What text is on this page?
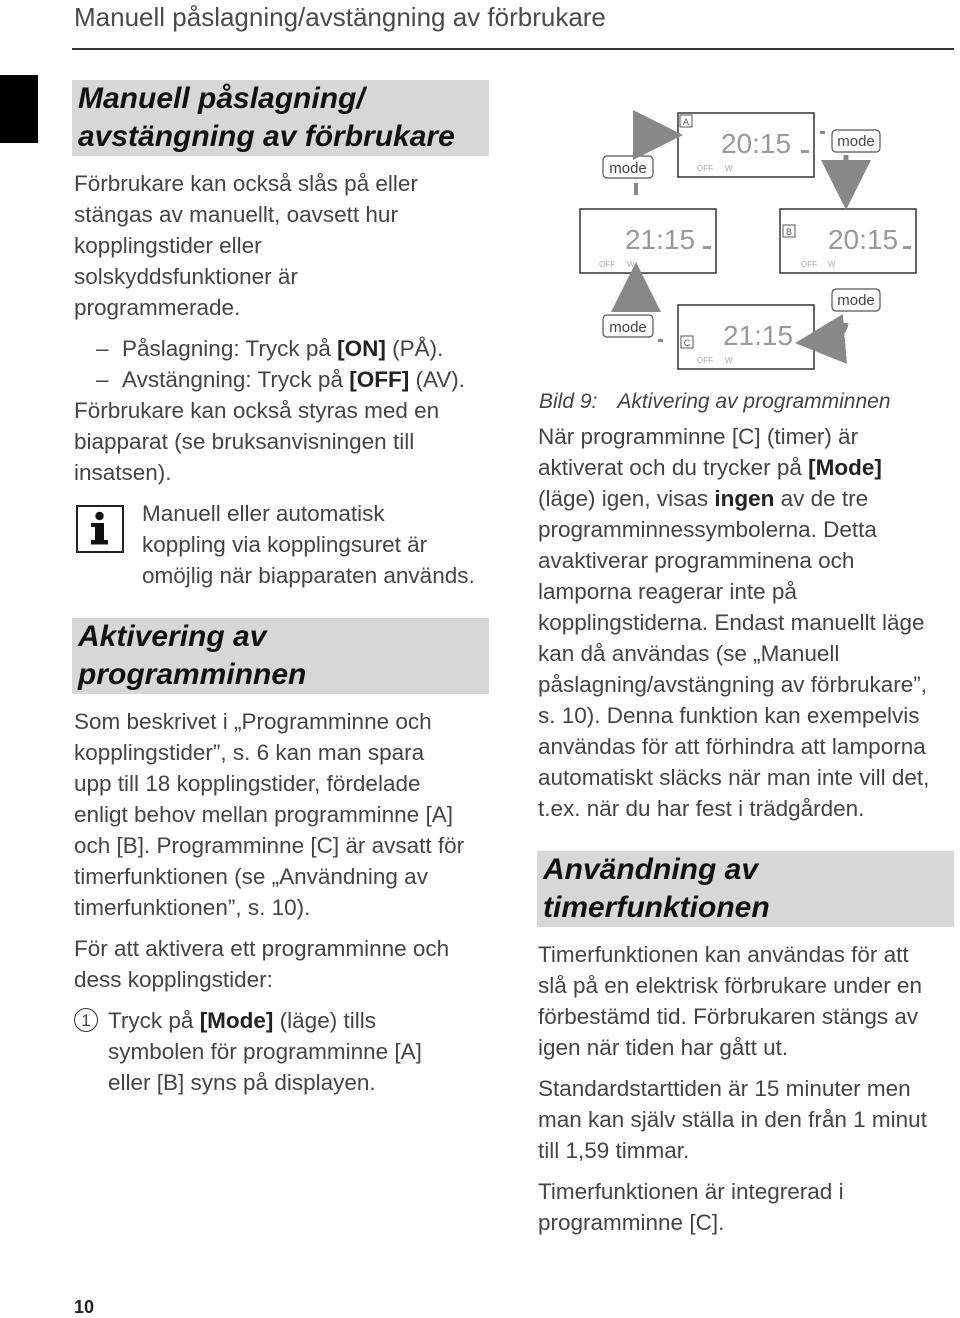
Manuell påslagning/avstängning av förbrukare
Manuell påslagning/
avstängning av förbrukare
Förbrukare kan också slås på eller
stängas av manuellt, oavsett hur
kopplingstider eller
solskyddsfunktioner är
programmerade.
– Påslagning: Tryck på [ON] (PÅ).
– Avstängning: Tryck på [OFF] (AV).
Förbrukare kan också styras med en
biapparat (se bruksanvisningen till
insatsen).
Manuell eller automatisk
koppling via kopplingsuret är
omöjlig när biapparaten används.
Aktivering av
programminnen
Som beskrivet i „Programminne och
kopplingstider”, s. 6 kan man spara
upp till 18 kopplingstider, fördelade
enligt behov mellan programminne [A]
och [B]. Programminne [C] är avsatt för
timerfunktionen (se „Användning av
timerfunktionen”, s. 10).
För att aktivera ett programminne och
dess kopplingstider:
1 Tryck på [Mode] (läge) tills
symbolen för programminne [A]
eller [B] syns på displayen.
A
20:15
OFF W
21:15
OFF W
B 20:15
OFF W
C 21:15
OFF W
mode
mode
mode
mode
Bild 9: Aktivering av programminnen
När programminne [C] (timer) är
aktiverat och du trycker på [Mode]
(läge) igen, visas ingen av de tre
programminnessymbolerna. Detta
avaktiverar programminena och
lamporna reagerar inte på
kopplingstiderna. Endast manuellt läge
kan då användas (se „Manuell
påslagning/avstängning av förbrukare”,
s. 10). Denna funktion kan exempelvis
användas för att förhindra att lamporna
automatiskt släcks när man inte vill det,
t.ex. när du har fest i trädgården.
Användning av
timerfunktionen
Timerfunktionen kan användas för att
slå på en elektrisk förbrukare under en
förbestämd tid. Förbrukaren stängs av
igen när tiden har gått ut.
Standardstarttiden är 15 minuter men
man kan själv ställa in den från 1 minut
till 1,59 timmar.
Timerfunktionen är integrerad i
programminne [C].
10
